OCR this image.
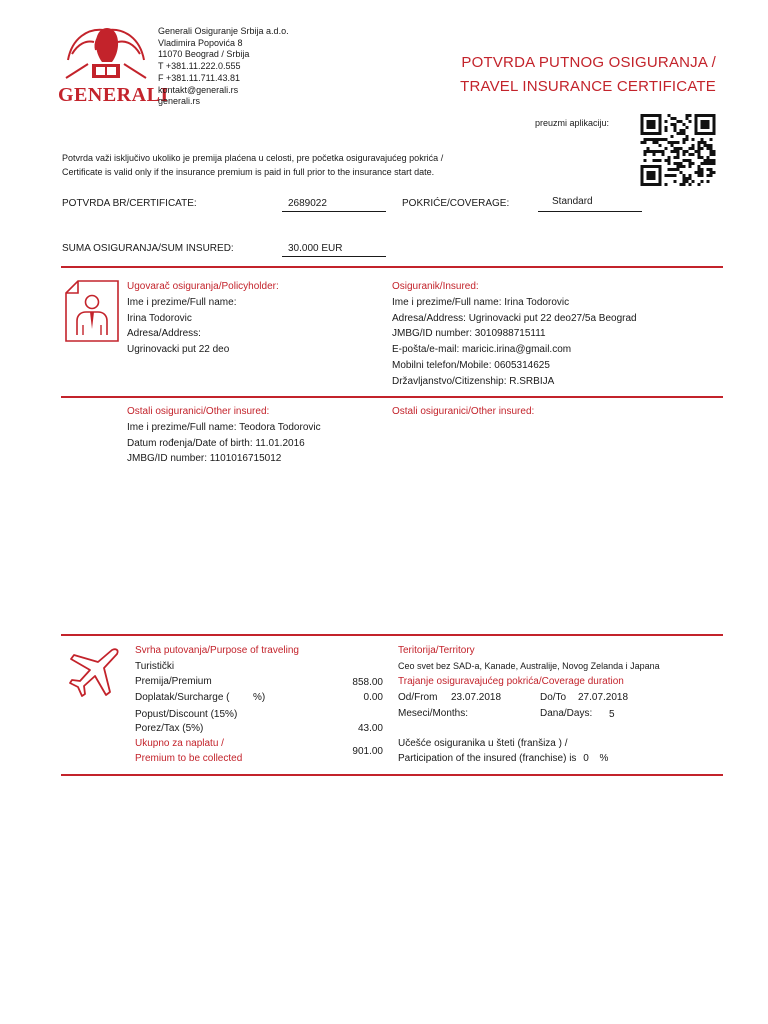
GENERALI
Generali Osiguranje Srbija a.d.o.
Vladimira Popovića 8
11070 Beograd / Srbija
T +381.11.222.0.555
F +381.11.711.43.81
kontakt@generali.rs
generali.rs
POTVRDA PUTNOG OSIGURANJA /
TRAVEL INSURANCE CERTIFICATE
preuzmi aplikaciju:
Potvrda važi isključivo ukoliko je premija plaćena u celosti, pre početka osiguravajućeg pokrića /
Certificate is valid only if the insurance premium is paid in full prior to the insurance start date.
POTVRDA BR/CERTIFICATE:	2689022	POKRIĆE/COVERAGE:	Standard
SUMA OSIGURANJA/SUM INSURED:	30.000 EUR
Ugovarač osiguranja/Policyholder:
Ime i prezime/Full name:
Irina Todorovic
Adresa/Address:
Ugrinovacki put 22 deo
Osiguranik/Insured:
Ime i prezime/Full name: Irina Todorovic
Adresa/Address: Ugrinovacki put 22 deo27/5a Beograd
JMBG/ID number: 3010988715111
E-pošta/e-mail: maricic.irina@gmail.com
Mobilni telefon/Mobile: 0605314625
Državljanstvo/Citizenship: R.SRBIJA
Ostali osiguranici/Other insured:
Ime i prezime/Full name: Teodora Todorovic
Datum rođenja/Date of birth: 11.01.2016
JMBG/ID number: 1101016715012
Ostali osiguranici/Other insured:
Svrha putovanja/Purpose of traveling
Turistički
Premija/Premium	858.00
Doplatak/Surcharge ( %)	0.00
Popust/Discount (15%)
Porez/Tax (5%)	43.00
Ukupno za naplatu /
Premium to be collected
901.00
Teritorija/Territory
Ceo svet bez SAD-a, Kanade, Australije, Novog Zelanda i Japana
Trajanje osiguravajućeg pokrića/Coverage duration
Od/From 23.07.2018	Do/To 27.07.2018
Meseci/Months:	Dana/Days: 5
Učešće osiguranika u šteti (franšiza ) /
Participation of the insured (franchise) is 0 %
